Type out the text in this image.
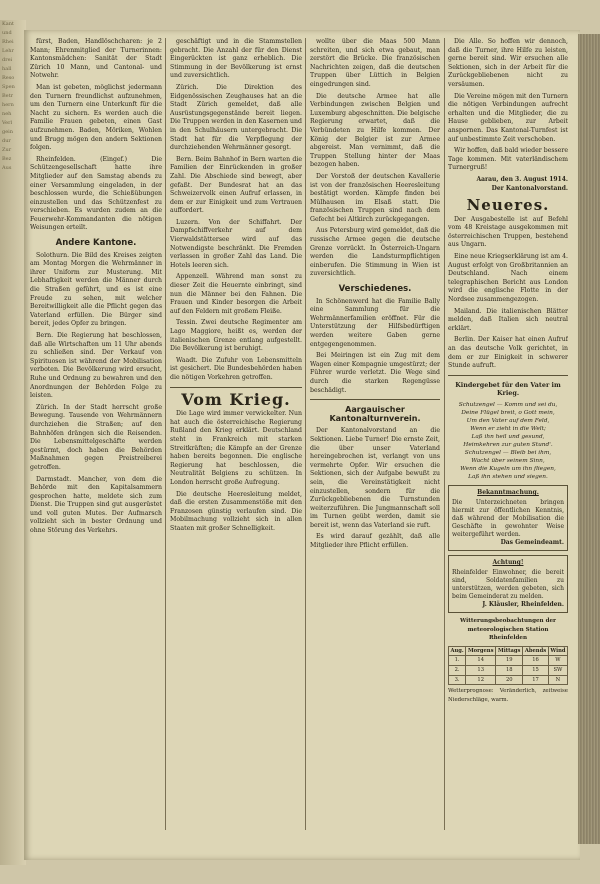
Kant
und
Rhei
Lehr
drei
hall
Reso
Spen
Betr
hern
neh
Verl
gein
dur
Zur
Bez
Aus

fürst, Baden, Handlöschcharen: je 2 Mann; Ehrenmitglied der Turnerinnen: Kantonsmädchen: Sanität der Stadt Zürich 10 Mann, und Cantonal- und Notwehr.

Man ist gebeten, möglichst jedermann den Turnern freundlichst aufzunehmen, um den Turnern eine Unterkunft für die Nacht zu sichern. Es werden auch die Familie Frauen gebeten, einen Gast aufzunehmen. Baden, Möriken, Wohlen und Brugg mögen den andern Sektionen folgen.

Rheinfelden. (Eingef.) Die Schützengesellschaft hatte ihre Mitglieder auf den Samstag abends zu einer Versammlung eingeladen, in der beschlossen wurde, die Schießübungen einzustellen und das Schützenfest zu verschieben. Es wurden zudem an die Feuerwehr-Kommandanten die nötigen Weisungen erteilt.

Andere Kantone.

Solothurn. Die Bild des Kreises zeigten am Montag Morgen die Wehrmänner in ihrer Uniform zur Musterung. Mit Lebhaftigkeit werden die Männer durch die Straßen geführt, und es ist eine Freude zu sehen, mit welcher Bereitwilligkeit alle die Pflicht gegen das Vaterland erfüllen. Die Bürger sind bereit, jedes Opfer zu bringen.

Bern. Die Regierung hat beschlossen, daß alle Wirtschaften um 11 Uhr abends zu schließen sind. Der Verkauf von Spirituosen ist während der Mobilisation verboten. Die Bevölkerung wird ersucht, Ruhe und Ordnung zu bewahren und den Anordnungen der Behörden Folge zu leisten.

Zürich. In der Stadt herrscht große Bewegung. Tausende von Wehrmännern durchziehen die Straßen; auf den Bahnhöfen drängen sich die Reisenden. Die Lebensmittelgeschäfte werden gestürmt, doch haben die Behörden Maßnahmen gegen Preistreiberei getroffen.

Darmstadt. Mancher, von dem die Behörde mit den Kapitalsammern gesprochen hatte, meldete sich zum Dienst. Die Truppen sind gut ausgerüstet und voll guten Mutes. Der Aufmarsch vollzieht sich in bester Ordnung und ohne Störung des Verkehrs.

geschäftigt und in die Stammstellen gebracht. Die Anzahl der für den Dienst Eingerückten ist ganz erheblich. Die Stimmung in der Bevölkerung ist ernst und zuversichtlich.

Zürich. Die Direktion des Eidgenössischen Zeughauses hat an die Stadt Zürich gemeldet, daß alle Ausrüstungsgegenstände bereit liegen. Die Truppen werden in den Kasernen und in den Schulhäusern untergebracht. Die Stadt hat für die Verpflegung der durchziehenden Wehrmänner gesorgt.

Bern. Beim Bahnhof in Bern warten die Familien der Einrückenden in großer Zahl. Die Abschiede sind bewegt, aber gefaßt. Der Bundesrat hat an das Schweizervolk einen Aufruf erlassen, in dem er zur Einigkeit und zum Vertrauen auffordert.

Luzern. Von der Schiffahrt. Der Dampfschiffverkehr auf dem Vierwaldstättersee wird auf das Notwendigste beschränkt. Die Fremden verlassen in großer Zahl das Land. Die Hotels leeren sich.

Appenzell. Während man sonst zu dieser Zeit die Heuernte einbringt, sind nun die Männer bei den Fahnen. Die Frauen und Kinder besorgen die Arbeit auf den Feldern mit großem Fleiße.

Tessin. Zwei deutsche Regimenter am Lago Maggiore, heißt es, werden der italienischen Grenze entlang aufgestellt. Die Bevölkerung ist beruhigt.

Waadt. Die Zufuhr von Lebensmitteln ist gesichert. Die Bundesbehörden haben die nötigen Vorkehren getroffen.

Vom Krieg.

Die Lage wird immer verwickelter. Nun hat auch die österreichische Regierung Rußland den Krieg erklärt. Deutschland steht in Frankreich mit starken Streitkräften; die Kämpfe an der Grenze haben bereits begonnen. Die englische Regierung hat beschlossen, die Neutralität Belgiens zu schützen. In London herrscht große Aufregung.

Die deutsche Heeresleitung meldet, daß die ersten Zusammenstöße mit den Franzosen günstig verlaufen sind. Die Mobilmachung vollzieht sich in allen Staaten mit großer Schnelligkeit.

wollte über die Maas 500 Mann schreiten, und sich etwa gebaut, man zerstört die Brücke. Die französischen Nachrichten zeigen, daß die deutschen Truppen über Lüttich in Belgien eingedrungen sind.

Die deutsche Armee hat alle Verbindungen zwischen Belgien und Luxemburg abgeschnitten. Die belgische Regierung erwartet, daß die Verbündeten zu Hilfe kommen. Der König der Belgier ist zur Armee abgereist. Man vernimmt, daß die Truppen Stellung hinter der Maas bezogen haben.

Der Vorstoß der deutschen Kavallerie ist von der französischen Heeresleitung bestätigt worden. Kämpfe finden bei Mülhausen im Elsaß statt. Die französischen Truppen sind nach dem Gefecht bei Altkirch zurückgegangen.

Aus Petersburg wird gemeldet, daß die russische Armee gegen die deutsche Grenze vorrückt. In Österreich-Ungarn werden die Landsturmpflichtigen einberufen. Die Stimmung in Wien ist zuversichtlich.

Verschiedenes.

In Schönenwerd hat die Familie Bally eine Sammlung für die Wehrmännerfamilien eröffnet. Für die Unterstützung der Hilfsbedürftigen werden weitere Gaben gerne entgegengenommen.

Bei Meiringen ist ein Zug mit dem Wagen einer Kompagnie umgestürzt; der Führer wurde verletzt. Die Wege sind durch die starken Regengüsse beschädigt.

Aargauischer Kantonalturnverein.

Der Kantonalvorstand an die Sektionen. Liebe Turner! Die ernste Zeit, die über unser Vaterland hereingebrochen ist, verlangt von uns vermehrte Opfer. Wir ersuchen die Sektionen, sich der Aufgabe bewußt zu sein, die Vereinstätigkeit nicht einzustellen, sondern für die Zurückgebliebenen die Turnstunden weiterzuführen. Die Jungmannschaft soll im Turnen geübt werden, damit sie bereit ist, wenn das Vaterland sie ruft.

Es wird darauf gezählt, daß alle Mitglieder ihre Pflicht erfüllen.

Die Alle. So hoffen wir dennoch, daß die Turner, ihre Hilfe zu leisten, gerne bereit sind. Wir ersuchen alle Sektionen, sich in der Arbeit für die Zurückgebliebenen nicht zu versäumen.

Die Vereine mögen mit den Turnern die nötigen Verbindungen aufrecht erhalten und die Mitglieder, die zu Hause geblieben, zur Arbeit anspornen. Das Kantonal-Turnfest ist auf unbestimmte Zeit verschoben.

Wir hoffen, daß bald wieder bessere Tage kommen. Mit vaterländischem Turnergruß!

Aarau, den 3. August 1914.
Der Kantonalvorstand.
Neueres.

Der Ausgabestelle ist auf Befehl vom 48 Kreistage ausgekommen mit österreichischen Truppen, bestehend aus Ungarn.

Eine neue Kriegserklärung ist am 4. August erfolgt von Großbritannien an Deutschland. Nach einem telegraphischen Bericht aus London wird die englische Flotte in der Nordsee zusammengezogen.

Mailand. Die italienischen Blätter melden, daß Italien sich neutral erklärt.

Berlin. Der Kaiser hat einen Aufruf an das deutsche Volk gerichtet, in dem er zur Einigkeit in schwerer Stunde aufruft.

Kindergebet für den Vater im Krieg.
Schutzengel — Komm und sei du,
Deine Flügel breit, o Gott mein,
Um den Vater auf dem Feld,
Wenn er zieht in die Welt;
Laß ihn heil und gesund,
Heimkehren zur guten Stund'.
Schutzengel — Bleib bei ihm,
Wacht über seinem Sinn,
Wenn die Kugeln um ihn fliegen,
Laß ihn stehen und siegen.
Bekanntmachung.
Die Unterzeichneten bringen hiermit zur öffentlichen Kenntnis, daß während der Mobilisation die Geschäfte in gewohnter Weise weitergeführt werden.
Das Gemeindeamt.
Achtung!
Rheinfelder Einwohner, die bereit sind, Soldatenfamilien zu unterstützen, werden gebeten, sich beim Gemeinderat zu melden.
J. Kläusler, Rheinfelden.
Witterungsbeobachtungen der meteorologischen Station Rheinfelden
Aug.	Morgens	Mittags	Abends	Wind
1.	14	19	16	W
2.	13	18	15	SW
3.	12	20	17	N
Wetterprognose: Veränderlich, zeitweise Niederschläge, warm.
